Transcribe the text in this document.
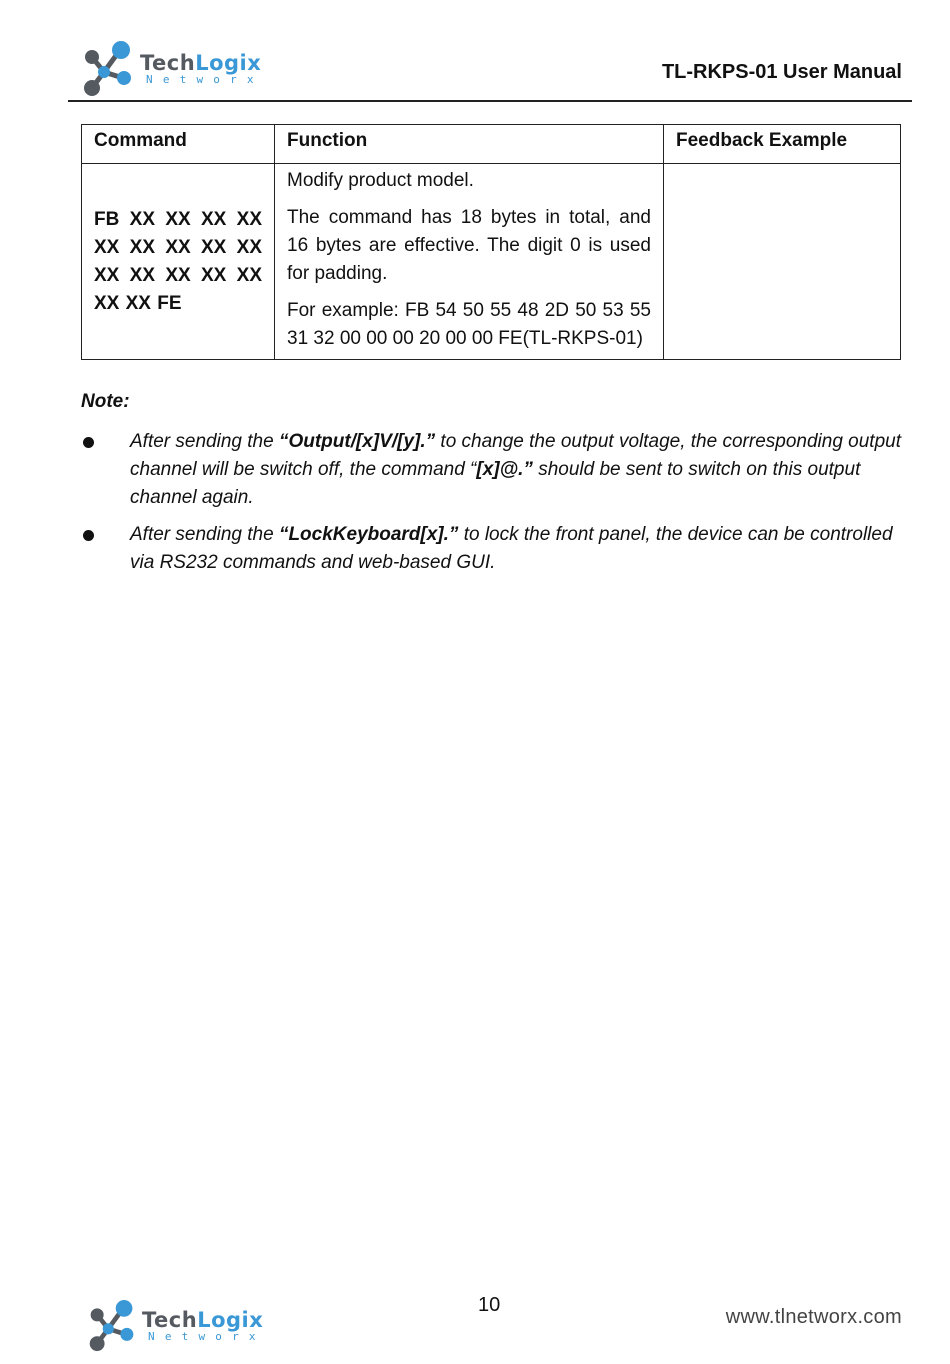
TechLogix
Networx	TL-RKPS-01 User Manual
Command	Function	Feedback Example
FB XX XX XX XX XX XX XX XX XX XX XX XX XX XX XX XX FE	Modify product model.

The command has 18 bytes in total, and 16 bytes are effective. The digit 0 is used for padding.

For example: FB 54 50 55 48 2D 50 53 55 31 32 00 00 00 20 00 00 FE(TL-RKPS-01)	

Note:
After sending the “Output/[x]V/[y].” to change the output voltage, the corresponding output channel will be switch off, the command “[x]@.” should be sent to switch on this output channel again.
After sending the “LockKeyboard[x].” to lock the front panel, the device can be controlled via RS232 commands and web-based GUI.
TechLogix
Networx
10
www.tlnetworx.com
